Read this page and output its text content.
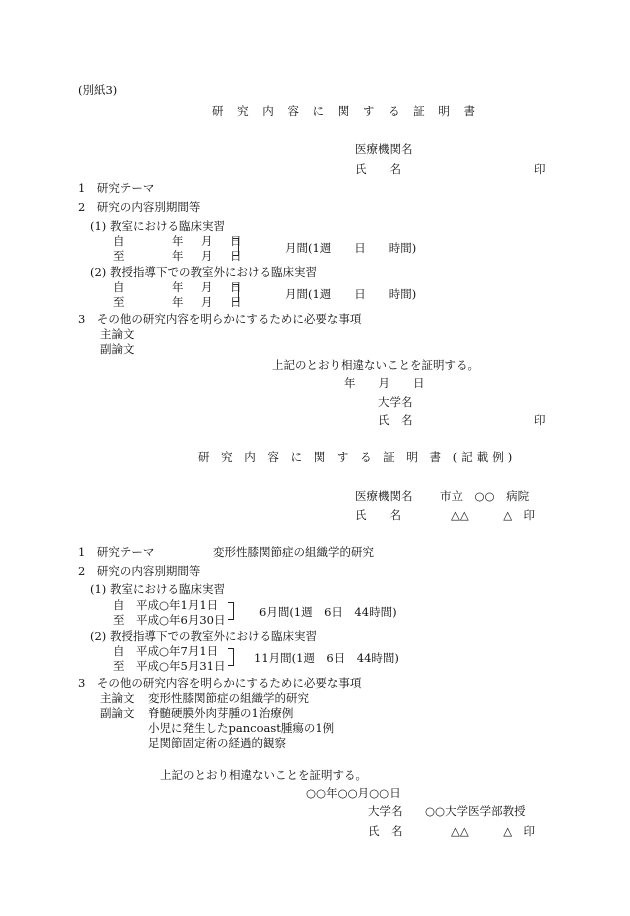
(別紙3)
研 究 内 容 に 関 す る 証 明 書
医療機関名
氏　　名	印
1　研究テーマ
2　研究の内容別期間等
(1) 教室における臨床実習
自	年　月　日
至	年　月　日
月間(1週　　日　　時間)
(2) 教授指導下での教室外における臨床実習
自	年　月　日
至	年　月　日
月間(1週　　日　　時間)
3　その他の研究内容を明らかにするために必要な事項
主論文
副論文
上記のとおり相違ないことを証明する。
年　　月　　日
大学名
氏　名	印
研 究 内 容 に 関 す る 証 明 書 (記載例)
医療機関名 市立　○○　病院
氏　　名	△△　　　△　印
1　研究テーマ	変形性膝関節症の組織学的研究
2　研究の内容別期間等
(1) 教室における臨床実習
自　平成○年1月1日
至　平成○年6月30日
6月間(1週　6日　44時間)
(2) 教授指導下での教室外における臨床実習
自　平成○年7月1日
至　平成○年5月31日
11月間(1週　6日　44時間)
3　その他の研究内容を明らかにするために必要な事項
主論文 変形性膝関節症の組織学的研究
副論文 脊髄硬膜外肉芽腫の1治療例
小児に発生したpancoast腫瘍の1例
足関節固定術の経過的観察
上記のとおり相違ないことを証明する。
○○年○○月○○日
大学名 ○○大学医学部教授
氏　名	△△　　　△　印
